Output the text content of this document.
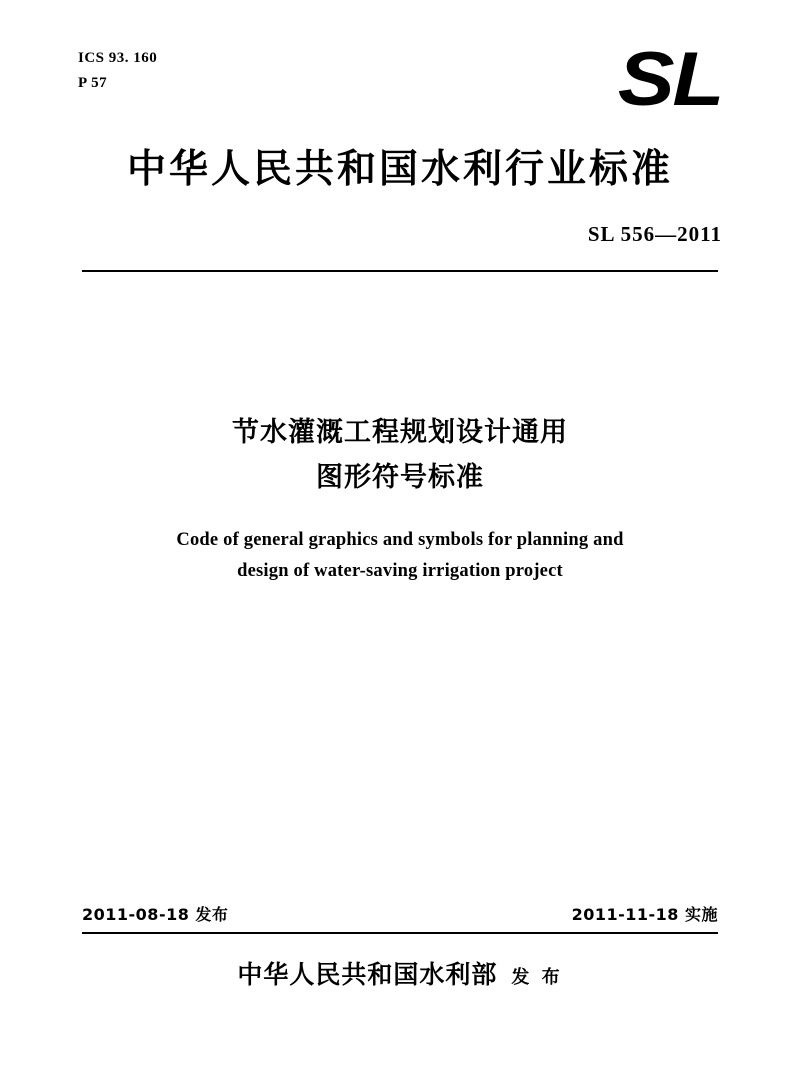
ICS 93. 160
P 57	SL
中华人民共和国水利行业标准
SL 556—2011
节水灌溉工程规划设计通用
图形符号标准
Code of general graphics and symbols for planning and
design of water-saving irrigation project
2011-08-18 发布	2011-11-18 实施
中华人民共和国水利部 发 布
